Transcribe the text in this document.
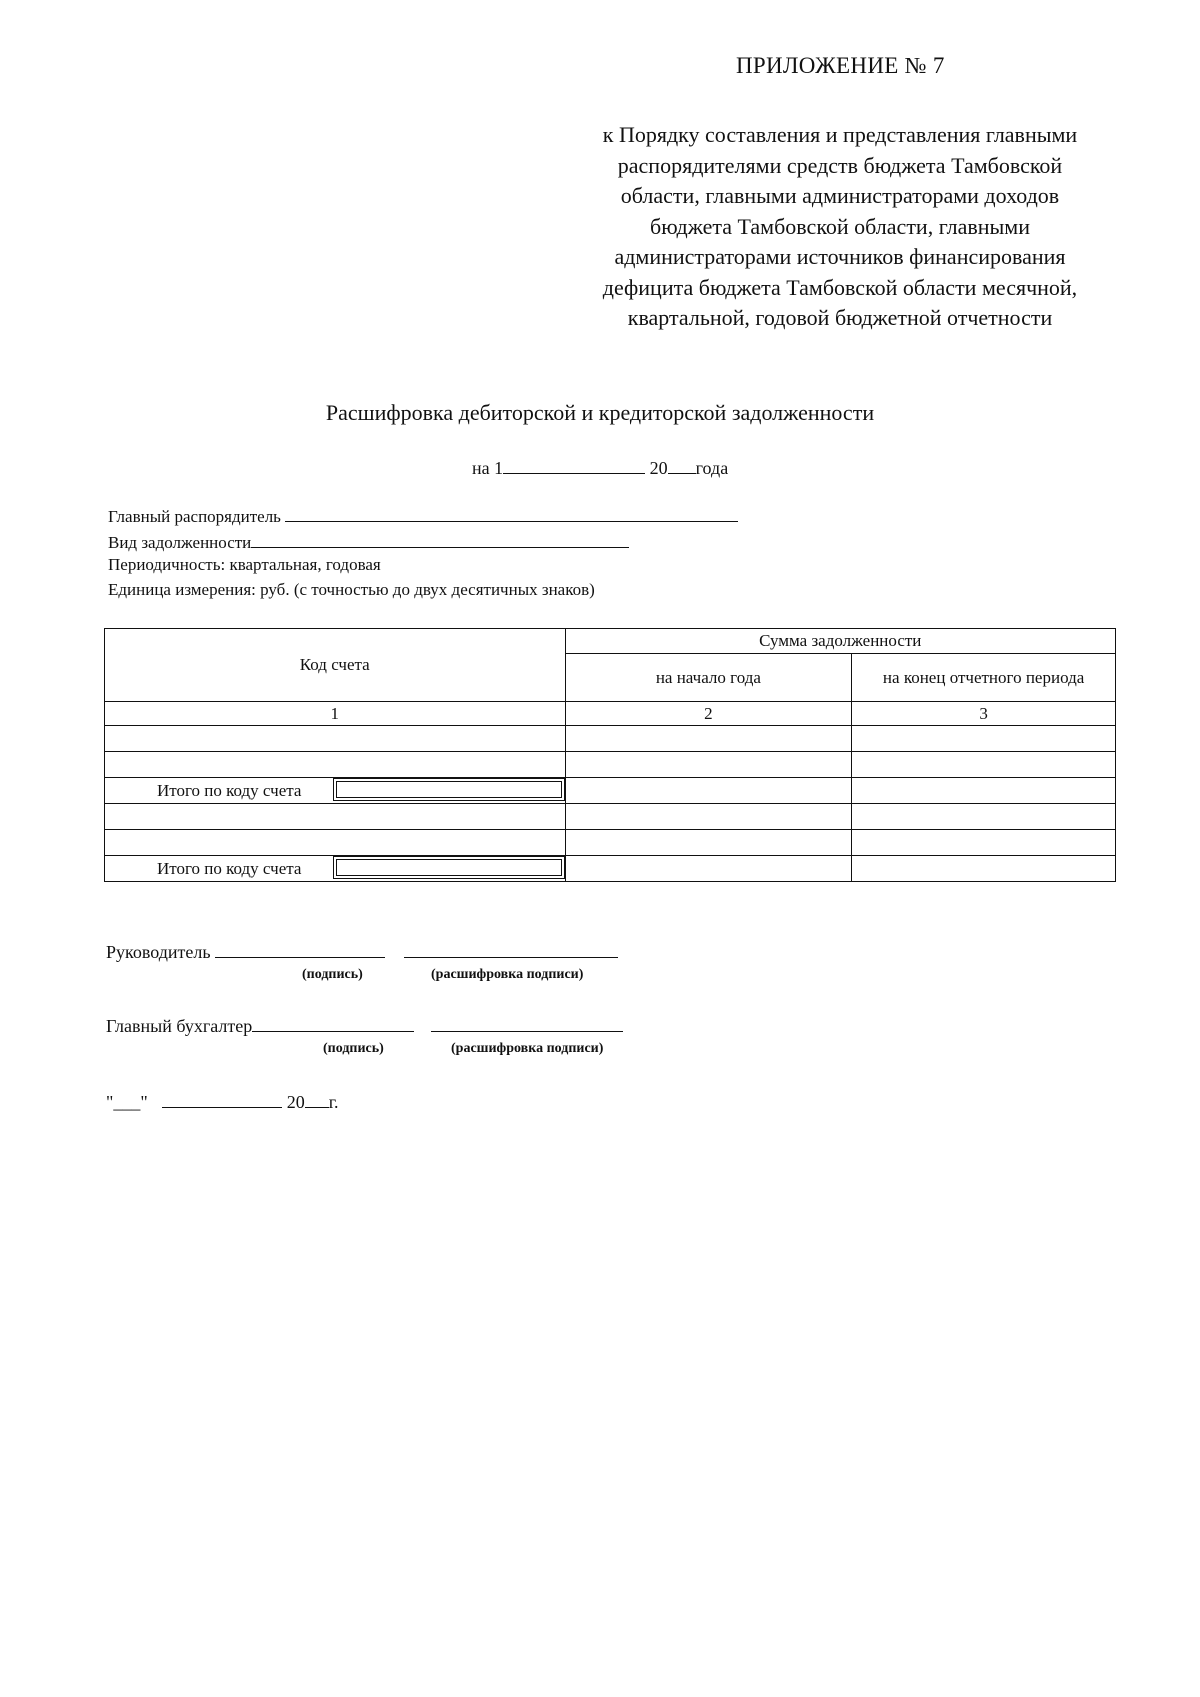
ПРИЛОЖЕНИЕ № 7
к Порядку составления и представления главными
распорядителями средств бюджета Тамбовской
области, главными администраторами доходов
бюджета Тамбовской области, главными
администраторами источников финансирования
дефицита бюджета Тамбовской области месячной,
квартальной, годовой бюджетной отчетности
Расшифровка дебиторской и кредиторской задолженности
на 1	20 года
Главный распорядитель
Вид задолженности
Периодичность: квартальная, годовая
Единица измерения: руб. (с точностью до двух десятичных знаков)
Код счета	Сумма задолженности	
	на начало года	на конец отчетного периода
1	2	3

Итого по коду счета		

Итого по коду счета		

Руководитель
(подпись)	(расшифровка подписи)
Главный бухгалтер
(подпись)	(расшифровка подписи)
"___"	20 г.
